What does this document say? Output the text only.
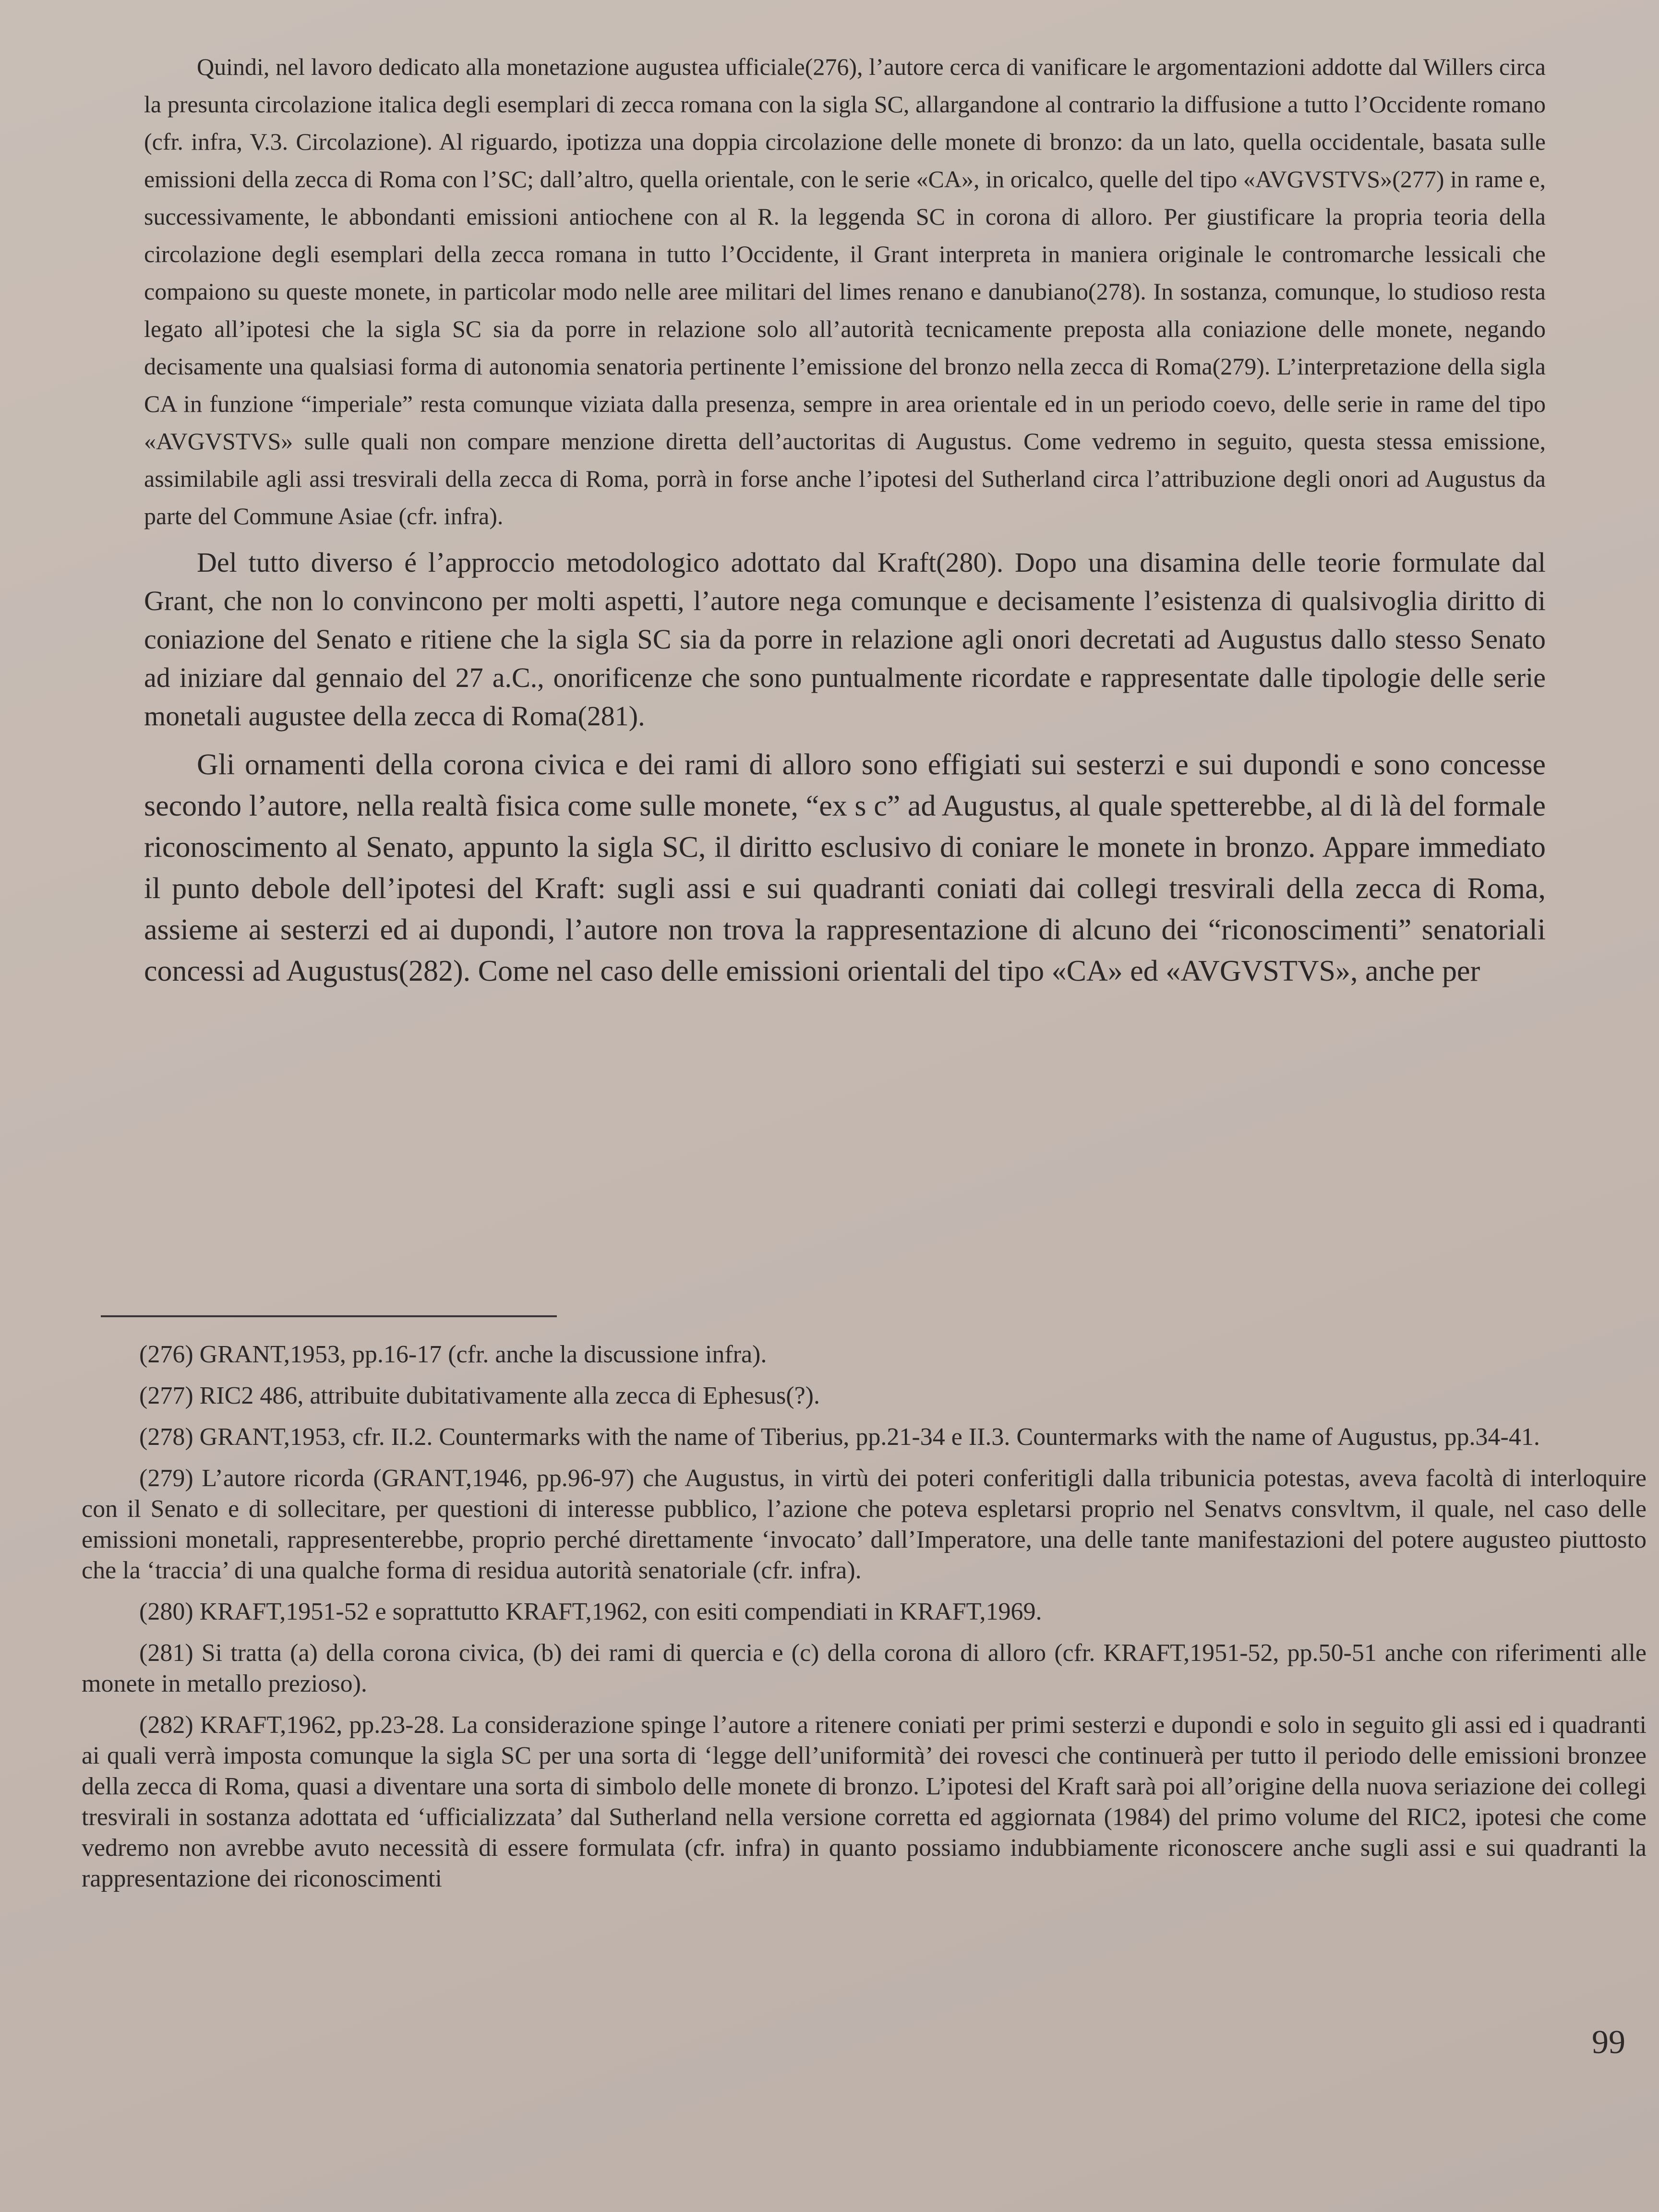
Quindi, nel lavoro dedicato alla monetazione augustea ufficiale(276), l’autore cerca di vanificare le argomentazioni addotte dal Willers circa la presunta circolazione italica degli esemplari di zecca romana con la sigla SC, allargandone al contrario la diffusione a tutto l’Occidente romano (cfr. infra, V.3. Circolazione). Al riguardo, ipotizza una doppia circolazione delle monete di bronzo: da un lato, quella occidentale, basata sulle emissioni della zecca di Roma con l’SC; dall’altro, quella orientale, con le serie «CA», in oricalco, quelle del tipo «AVGVSTVS»(277) in rame e, successivamente, le abbondanti emissioni antiochene con al R. la leggenda SC in corona di alloro. Per giustificare la propria teoria della circolazione degli esemplari della zecca romana in tutto l’Occidente, il Grant interpreta in maniera originale le contromarche lessicali che compaiono su queste monete, in particolar modo nelle aree militari del limes renano e danubiano(278). In sostanza, comunque, lo studioso resta legato all’ipotesi che la sigla SC sia da porre in relazione solo all’autorità tecnicamente preposta alla coniazione delle monete, negando decisamente una qualsiasi forma di autonomia senatoria pertinente l’emissione del bronzo nella zecca di Roma(279). L’interpretazione della sigla CA in funzione “imperiale” resta comunque viziata dalla presenza, sempre in area orientale ed in un periodo coevo, delle serie in rame del tipo «AVGVSTVS» sulle quali non compare menzione diretta dell’auctoritas di Augustus. Come vedremo in seguito, questa stessa emissione, assimilabile agli assi tresvirali della zecca di Roma, porrà in forse anche l’ipotesi del Sutherland circa l’attribuzione degli onori ad Augustus da parte del Commune Asiae (cfr. infra).

Del tutto diverso é l’approccio metodologico adottato dal Kraft(280). Dopo una disamina delle teorie formulate dal Grant, che non lo convincono per molti aspetti, l’autore nega comunque e decisamente l’esistenza di qualsivoglia diritto di coniazione del Senato e ritiene che la sigla SC sia da porre in relazione agli onori decretati ad Augustus dallo stesso Senato ad iniziare dal gennaio del 27 a.C., onorificenze che sono puntualmente ricordate e rappresentate dalle tipologie delle serie monetali augustee della zecca di Roma(281).

Gli ornamenti della corona civica e dei rami di alloro sono effigiati sui sesterzi e sui dupondi e sono concesse secondo l’autore, nella realtà fisica come sulle monete, “ex s c” ad Augustus, al quale spetterebbe, al di là del formale riconoscimento al Senato, appunto la sigla SC, il diritto esclusivo di coniare le monete in bronzo. Appare immediato il punto debole dell’ipotesi del Kraft: sugli assi e sui quadranti coniati dai collegi tresvirali della zecca di Roma, assieme ai sesterzi ed ai dupondi, l’autore non trova la rappresentazione di alcuno dei “riconoscimenti” senatoriali concessi ad Augustus(282). Come nel caso delle emissioni orientali del tipo «CA» ed «AVGVSTVS», anche per

(276) GRANT,1953, pp.16-17 (cfr. anche la discussione infra).

(277) RIC2 486, attribuite dubitativamente alla zecca di Ephesus(?).

(278) GRANT,1953, cfr. II.2. Countermarks with the name of Tiberius, pp.21-34 e II.3. Countermarks with the name of Augustus, pp.34-41.

(279) L’autore ricorda (GRANT,1946, pp.96-97) che Augustus, in virtù dei poteri conferitigli dalla tribunicia potestas, aveva facoltà di interloquire con il Senato e di sollecitare, per questioni di interesse pubblico, l’azione che poteva espletarsi proprio nel Senatvs consvltvm, il quale, nel caso delle emissioni monetali, rappresenterebbe, proprio perché direttamente ‘invocato’ dall’Imperatore, una delle tante manifestazioni del potere augusteo piuttosto che la ‘traccia’ di una qualche forma di residua autorità senatoriale (cfr. infra).

(280) KRAFT,1951-52 e soprattutto KRAFT,1962, con esiti compendiati in KRAFT,1969.

(281) Si tratta (a) della corona civica, (b) dei rami di quercia e (c) della corona di alloro (cfr. KRAFT,1951-52, pp.50-51 anche con riferimenti alle monete in metallo prezioso).

(282) KRAFT,1962, pp.23-28. La considerazione spinge l’autore a ritenere coniati per primi sesterzi e dupondi e solo in seguito gli assi ed i quadranti ai quali verrà imposta comunque la sigla SC per una sorta di ‘legge dell’uniformità’ dei rovesci che continuerà per tutto il periodo delle emissioni bronzee della zecca di Roma, quasi a diventare una sorta di simbolo delle monete di bronzo. L’ipotesi del Kraft sarà poi all’origine della nuova seriazione dei collegi tresvirali in sostanza adottata ed ‘ufficializzata’ dal Sutherland nella versione corretta ed aggiornata (1984) del primo volume del RIC2, ipotesi che come vedremo non avrebbe avuto necessità di essere formulata (cfr. infra) in quanto possiamo indubbiamente riconoscere anche sugli assi e sui quadranti la rappresentazione dei riconoscimenti

99
